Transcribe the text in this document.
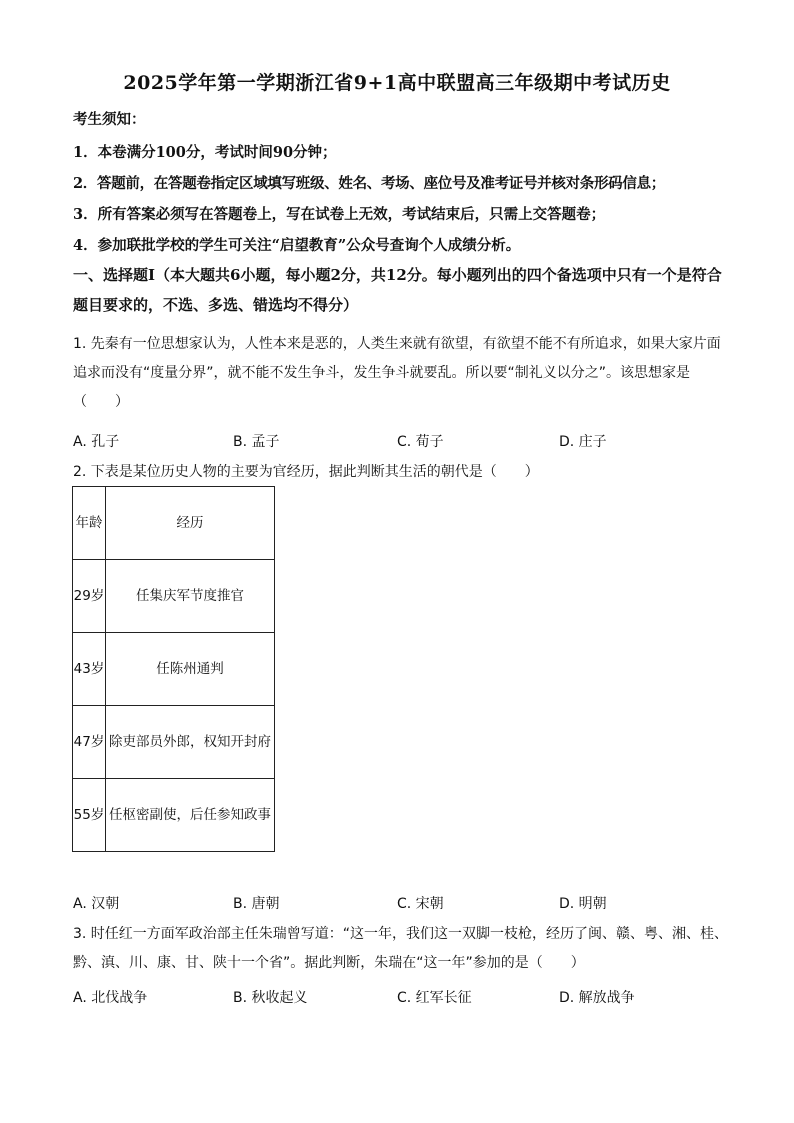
2025学年第一学期浙江省9+1高中联盟高三年级期中考试历史
考生须知：
1．本卷满分100分，考试时间90分钟；
2．答题前，在答题卷指定区域填写班级、姓名、考场、座位号及准考证号并核对条形码信息；
3．所有答案必须写在答题卷上，写在试卷上无效，考试结束后，只需上交答题卷；
4．参加联批学校的学生可关注“启望教育”公众号查询个人成绩分析。
一、选择题Ⅰ（本大题共6小题，每小题2分，共12分。每小题列出的四个备选项中只有一个是符合题目要求的，不选、多选、错选均不得分）
1. 先秦有一位思想家认为，人性本来是恶的，人类生来就有欲望，有欲望不能不有所追求，如果大家片面追求而没有“度量分界”，就不能不发生争斗，发生争斗就要乱。所以要“制礼义以分之”。该思想家是（　　）
A. 孔子	B. 孟子	C. 荀子	D. 庄子
2. 下表是某位历史人物的主要为官经历，据此判断其生活的朝代是（　　）
年龄	经历
29岁	任集庆军节度推官
43岁	任陈州通判
47岁	除吏部员外郎，权知开封府
55岁	任枢密副使，后任参知政事
A. 汉朝	B. 唐朝	C. 宋朝	D. 明朝
3. 时任红一方面军政治部主任朱瑞曾写道：“这一年，我们这一双脚一枝枪，经历了闽、赣、粤、湘、桂、黔、滇、川、康、甘、陕十一个省”。据此判断，朱瑞在“这一年”参加的是（　　）
A. 北伐战争	B. 秋收起义	C. 红军长征	D. 解放战争
